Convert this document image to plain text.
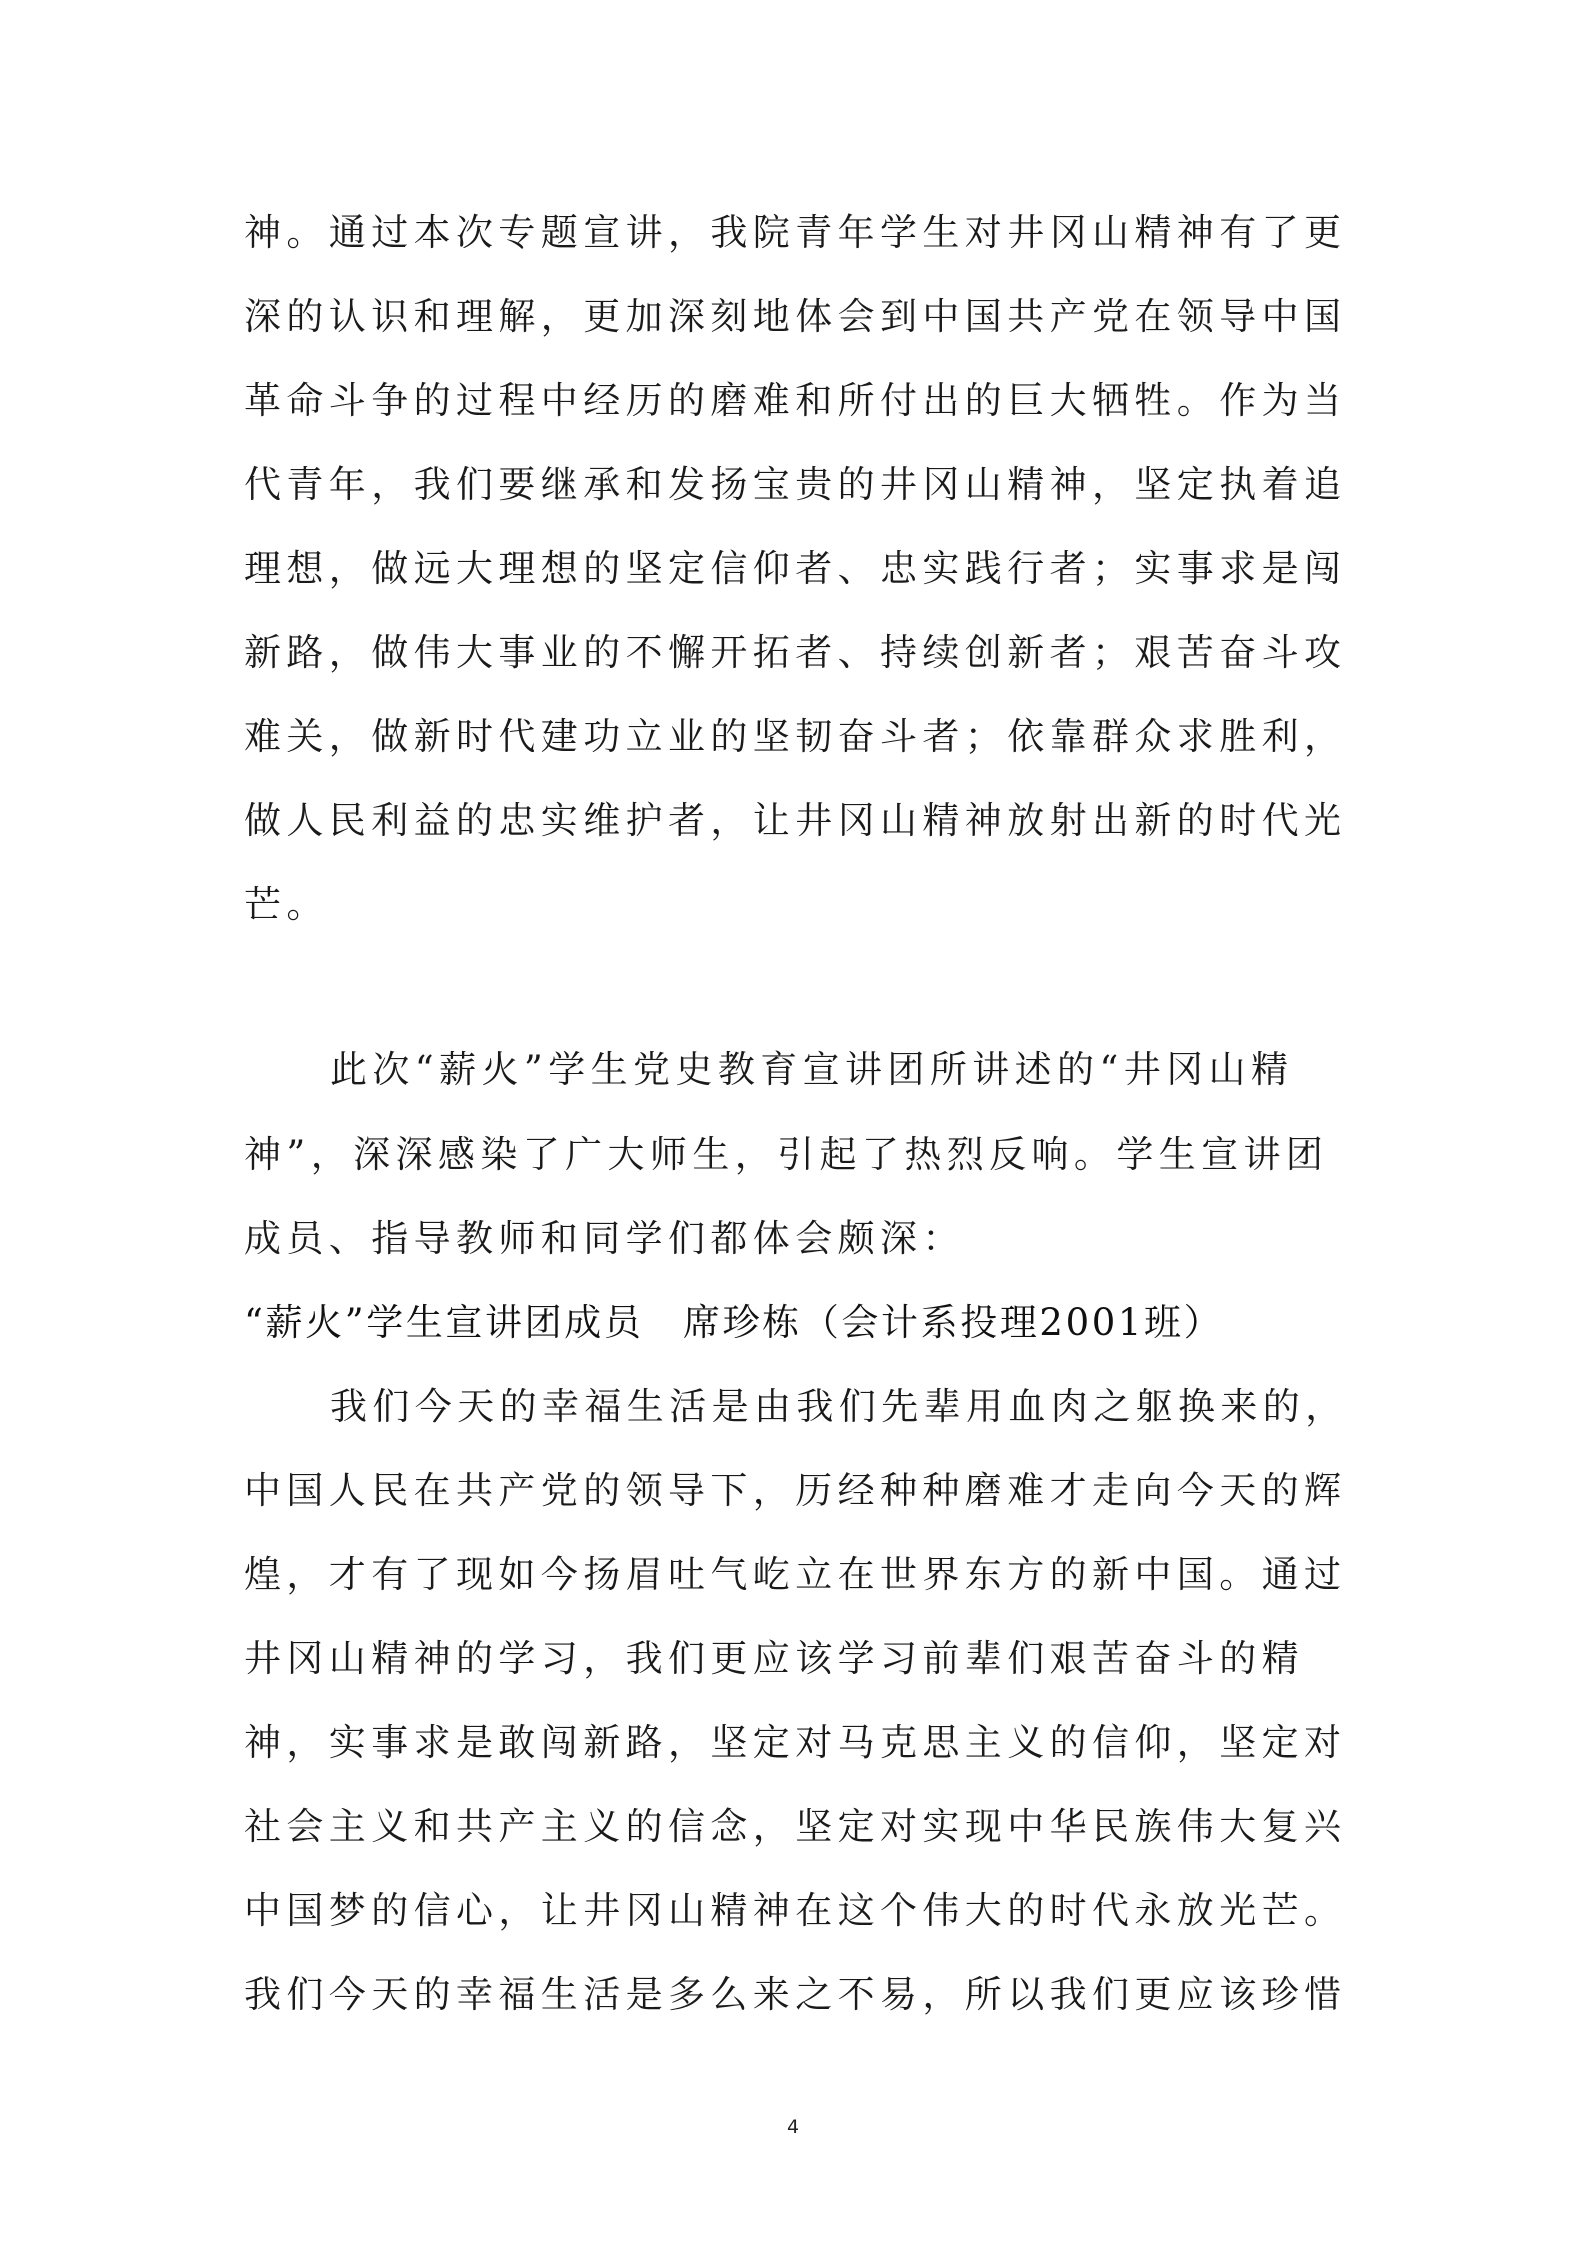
神。通过本次专题宣讲，我院青年学生对井冈山精神有了更
深的认识和理解，更加深刻地体会到中国共产党在领导中国
革命斗争的过程中经历的磨难和所付出的巨大牺牲。作为当
代青年，我们要继承和发扬宝贵的井冈山精神，坚定执着追
理想，做远大理想的坚定信仰者、忠实践行者；实事求是闯
新路，做伟大事业的不懈开拓者、持续创新者；艰苦奋斗攻
难关，做新时代建功立业的坚韧奋斗者；依靠群众求胜利，
做人民利益的忠实维护者，让井冈山精神放射出新的时代光
芒。
此次“薪火”学生党史教育宣讲团所讲述的“井冈山精
神”，深深感染了广大师生，引起了热烈反响。学生宣讲团
成员、指导教师和同学们都体会颇深：
“薪火”学生宣讲团成员　席珍栋（会计系投理2001班）
我们今天的幸福生活是由我们先辈用血肉之躯换来的，
中国人民在共产党的领导下，历经种种磨难才走向今天的辉
煌，才有了现如今扬眉吐气屹立在世界东方的新中国。通过
井冈山精神的学习，我们更应该学习前辈们艰苦奋斗的精
神，实事求是敢闯新路，坚定对马克思主义的信仰，坚定对
社会主义和共产主义的信念，坚定对实现中华民族伟大复兴
中国梦的信心，让井冈山精神在这个伟大的时代永放光芒。
我们今天的幸福生活是多么来之不易，所以我们更应该珍惜
4
